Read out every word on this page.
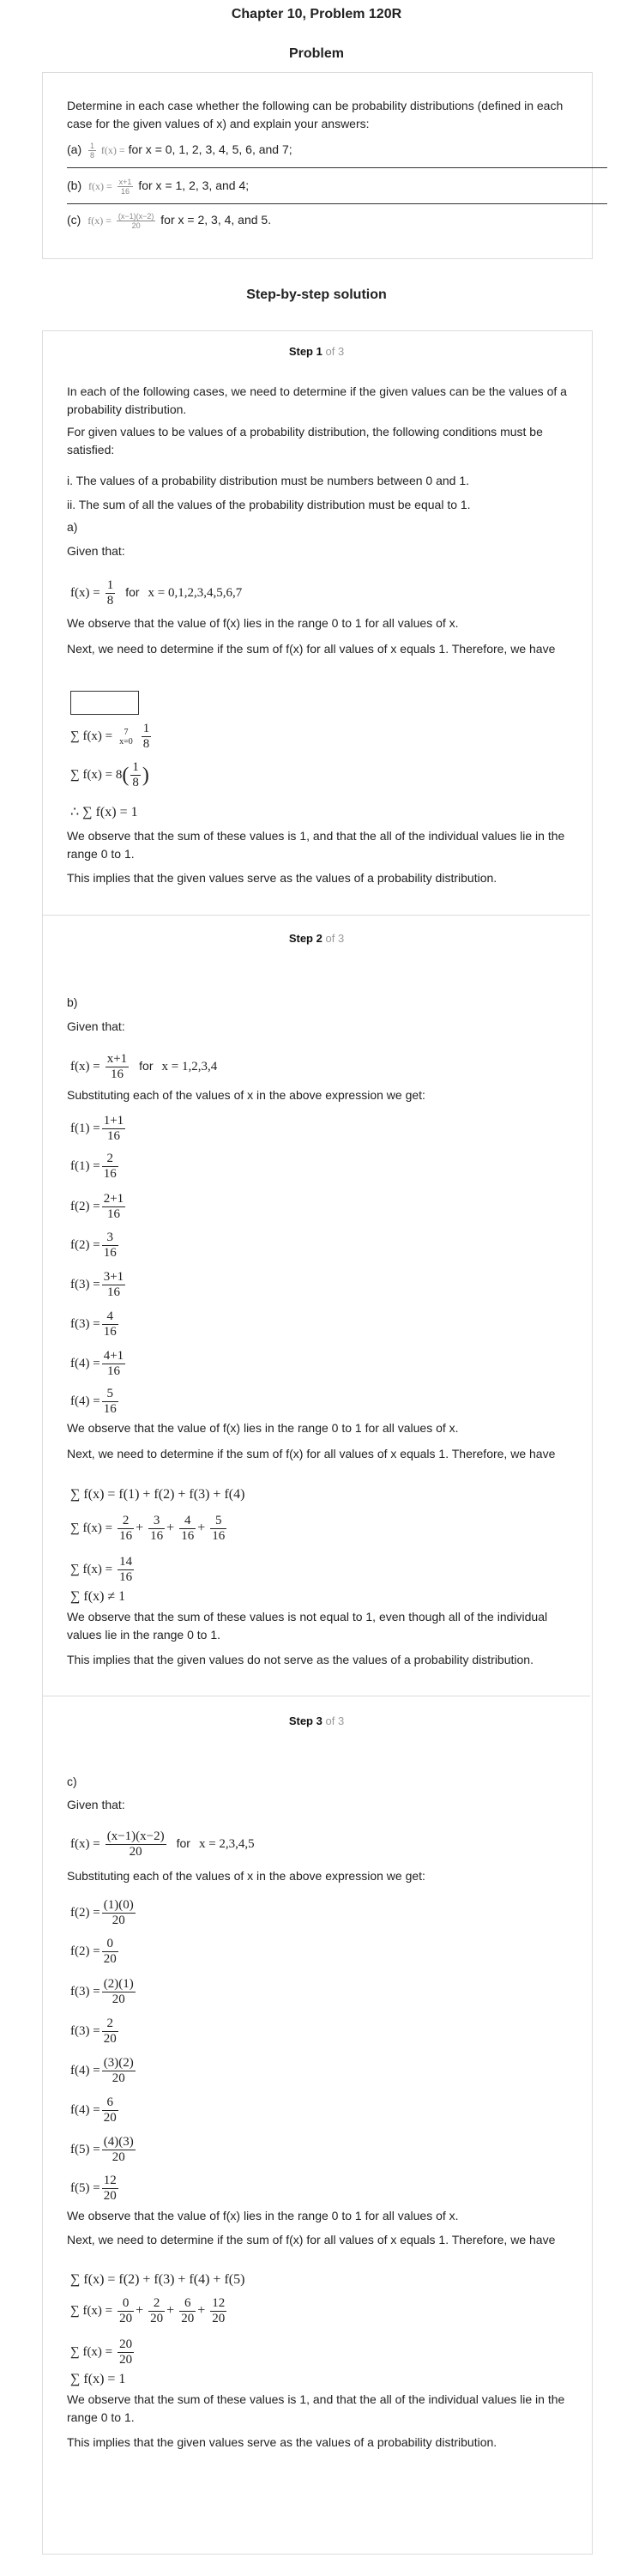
Chapter 10, Problem 120R
Problem
Determine in each case whether the following can be probability distributions (defined in each case for the given values of x) and explain your answers:
$(a) \frac{1}{8} f(x)$ = for x = 0, 1, 2, 3, 4, 5, 6, and 7;
(b) $f(x) = \frac{x+1}{16}$ for x = 1, 2, 3, and 4;
(c) $f(x) = \frac{(x-1)(x-2)}{20}$ for x = 2, 3, 4, and 5.
Step-by-step solution
Step 1 of 3
In each of the following cases, we need to determine if the given values can be the values of a probability distribution.
For given values to be values of a probability distribution, the following conditions must be satisfied:
i. The values of a probability distribution must be numbers between 0 and 1.
ii. The sum of all the values of the probability distribution must be equal to 1.
a)
Given that:
$f(x) = \frac{1}{8}$ for x = 0,1,2,3,4,5,6,7
We observe that the value of f(x) lies in the range 0 to 1 for all values of x.
Next, we need to determine if the sum of f(x) for all values of x equals 1. Therefore, we have
∑ f(x) =	7
x=0
$\frac{1}{8}$
∑ $f(x) = 8( \frac{1}{8}$ )
∴ ∑ f(x) = 1
We observe that the sum of these values is 1, and that the all of the individual values lie in the range 0 to 1.
This implies that the given values serve as the values of a probability distribution.
Step 2 of 3
b)
Given that:
$f(x) = \frac{x+1}{16}$ for x = 1,2,3,4
Substituting each of the values of x in the above expression we get:
$f(1) = \frac{1+1}{16}$
$f(1) = \frac{2}{16}$
$f(2) = \frac{2+1}{16}$
$f(2) = \frac{3}{16}$
$f(3) = \frac{3+1}{16}$
$f(3) = \frac{4}{16}$
$f(4) = \frac{4+1}{16}$
$f(4) = \frac{5}{16}$
We observe that the value of f(x) lies in the range 0 to 1 for all values of x.
Next, we need to determine if the sum of f(x) for all values of x equals 1. Therefore, we have
∑ f(x) = f(1) + f(2) + f(3) + f(4)
∑ $f(x) = \frac{2}{16} + \frac{3}{16} + \frac{4}{16} + \frac{5}{16}$
∑ $f(x) = \frac{14}{16}$
∑ f(x) ≠ 1
We observe that the sum of these values is not equal to 1, even though all of the individual values lie in the range 0 to 1.
This implies that the given values do not serve as the values of a probability distribution.
Step 3 of 3
c)
Given that:
$f(x) = \frac{(x-1)(x-2)}{20}$ for x = 2,3,4,5
Substituting each of the values of x in the above expression we get:
$f(2) = \frac{(1)(0)}{20}$
$f(2) = \frac{0}{20}$
$f(3) = \frac{(2)(1)}{20}$
$f(3) = \frac{2}{20}$
$f(4) = \frac{(3)(2)}{20}$
$f(4) = \frac{6}{20}$
$f(5) = \frac{(4)(3)}{20}$
$f(5) = \frac{12}{20}$
We observe that the value of f(x) lies in the range 0 to 1 for all values of x.
Next, we need to determine if the sum of f(x) for all values of x equals 1. Therefore, we have
∑ f(x) = f(2) + f(3) + f(4) + f(5)
∑ $f(x) = \frac{0}{20} + \frac{2}{20} + \frac{6}{20} + \frac{12}{20}$
∑ $f(x) = \frac{20}{20}$
∑ f(x) = 1
We observe that the sum of these values is 1, and that the all of the individual values lie in the range 0 to 1.
This implies that the given values serve as the values of a probability distribution.
